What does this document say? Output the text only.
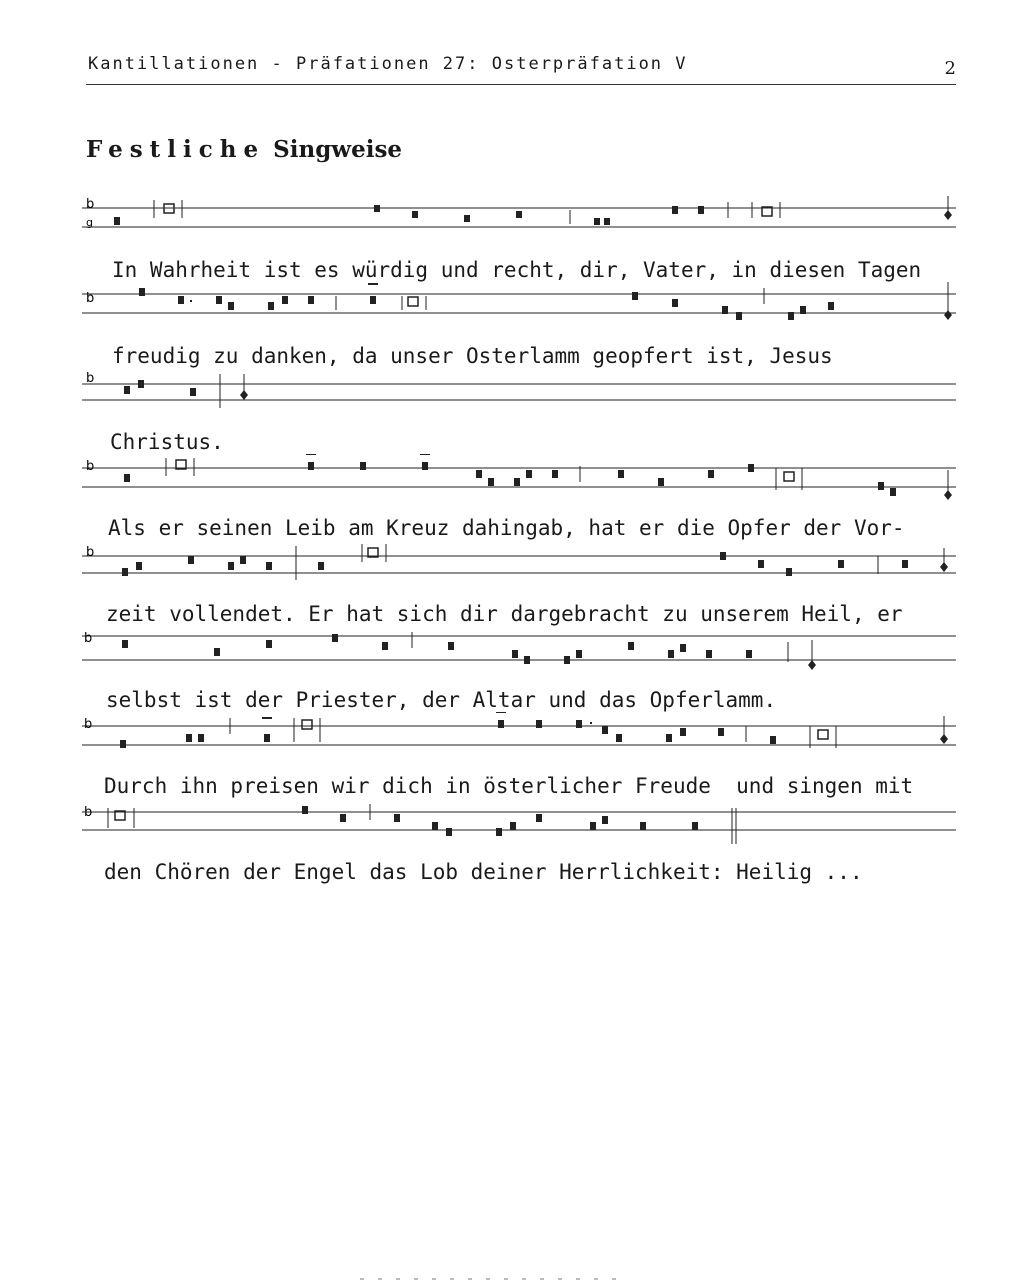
Kantillationen - Präfationen 27: Osterpräfation V	2
Festliche Singweise
b
g
In Wahrheit ist es würdig und recht, dir, Vater, in diesen Tagen
b
freudig zu danken, da unser Osterlamm geopfert ist, Jesus
b
Christus.
b
Als er seinen Leib am Kreuz dahingab, hat er die Opfer der Vor-
b
zeit vollendet. Er hat sich dir dargebracht zu unserem Heil, er
b
selbst ist der Priester, der Altar und das Opferlamm.
b
Durch ihn preisen wir dich in österlicher Freude  und singen mit
b
den Chören der Engel das Lob deiner Herrlichkeit: Heilig ...
